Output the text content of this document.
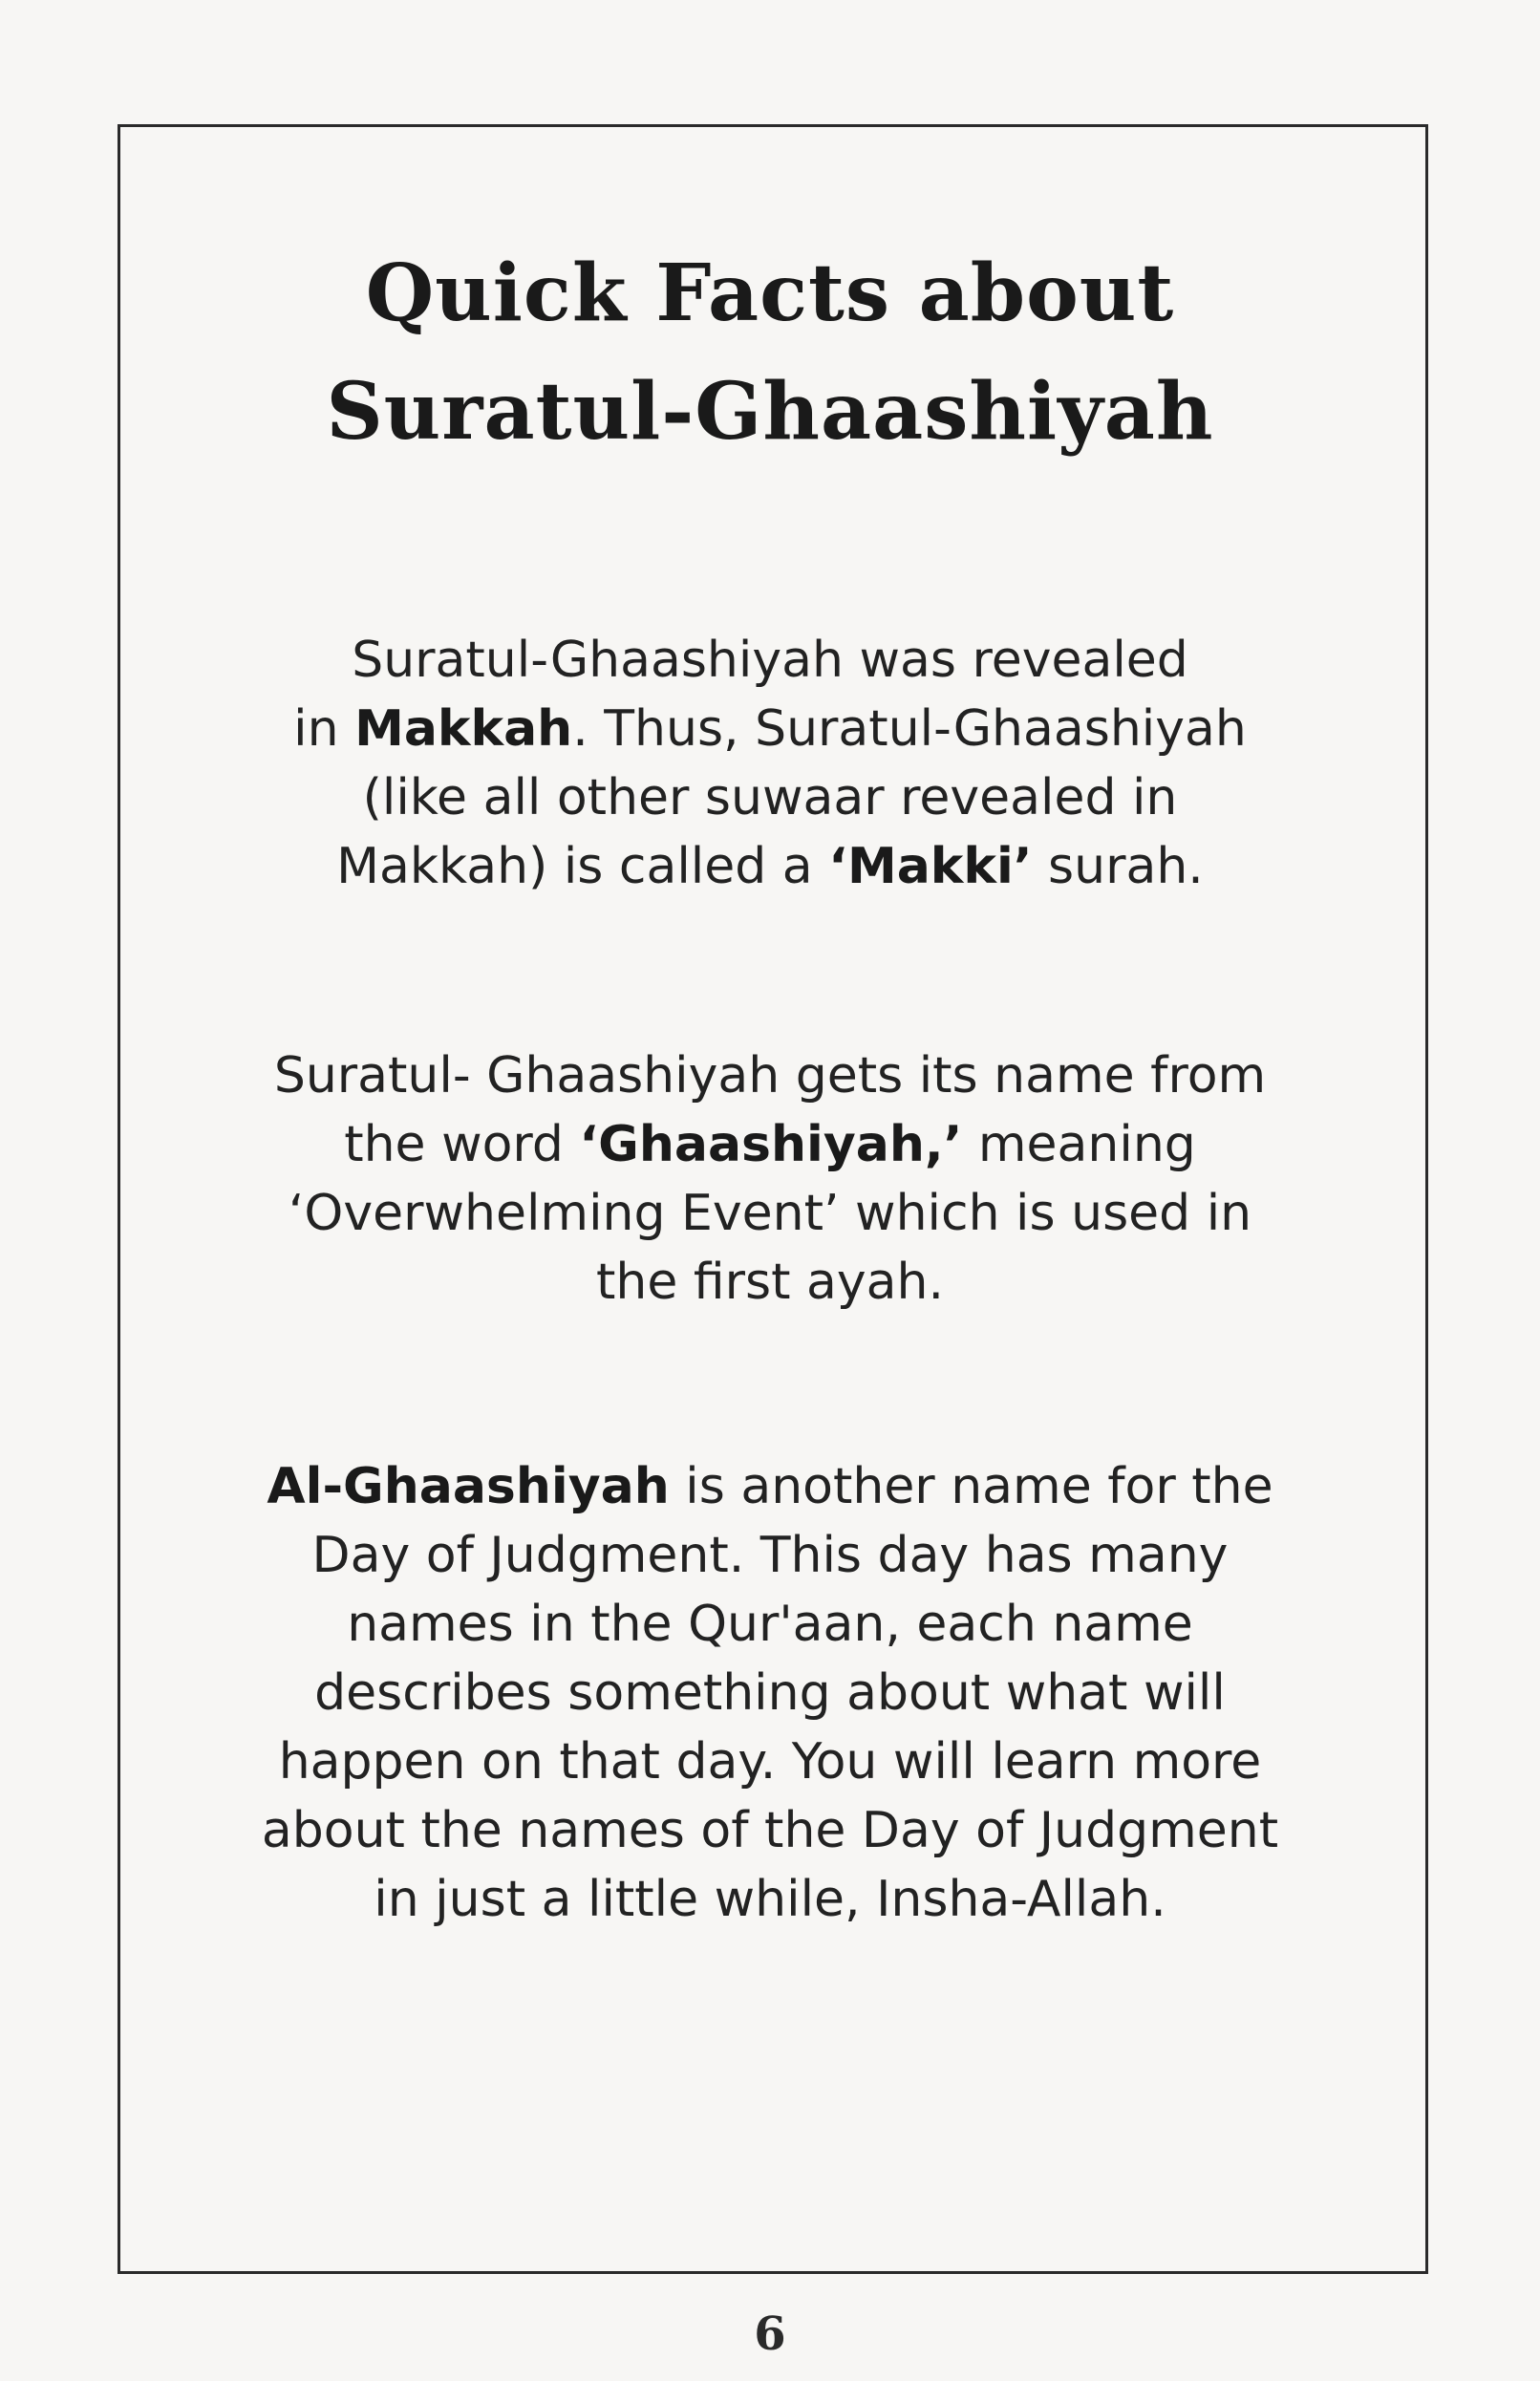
Quick Facts about
Suratul-Ghaashiyah
Suratul-Ghaashiyah was revealed
in Makkah. Thus, Suratul-Ghaashiyah
(like all other suwaar revealed in
Makkah) is called a ‘Makki’ surah.
Suratul- Ghaashiyah gets its name from
the word ‘Ghaashiyah,’ meaning
‘Overwhelming Event’ which is used in
the first ayah.
Al-Ghaashiyah is another name for the
Day of Judgment. This day has many
names in the Qur'aan, each name
describes something about what will
happen on that day. You will learn more
about the names of the Day of Judgment
in just a little while, Insha-Allah.
6
